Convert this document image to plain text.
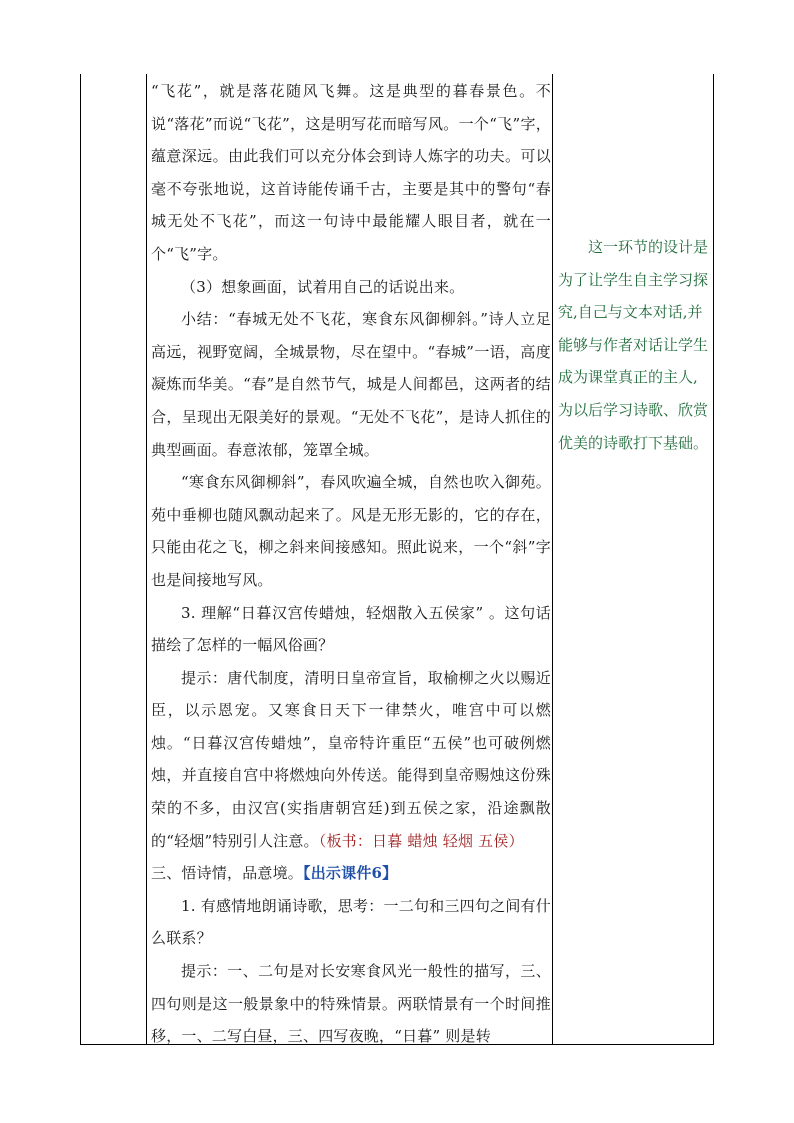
“飞花”，就是落花随风飞舞。这是典型的暮春景色。不说“落花”而说“飞花”，这是明写花而暗写风。一个“飞”字，蕴意深远。由此我们可以充分体会到诗人炼字的功夫。可以毫不夸张地说，这首诗能传诵千古，主要是其中的警句“春城无处不飞花”，而这一句诗中最能耀人眼目者，就在一个“飞”字。

（3）想象画面，试着用自己的话说出来。

小结：“春城无处不飞花，寒食东风御柳斜。”诗人立足高远，视野宽阔，全城景物，尽在望中。“春城”一语，高度凝炼而华美。“春”是自然节气，城是人间都邑，这两者的结合，呈现出无限美好的景观。“无处不飞花”，是诗人抓住的典型画面。春意浓郁，笼罩全城。

“寒食东风御柳斜”，春风吹遍全城，自然也吹入御苑。苑中垂柳也随风飘动起来了。风是无形无影的，它的存在，只能由花之飞，柳之斜来间接感知。照此说来，一个“斜”字也是间接地写风。

3. 理解“日暮汉宫传蜡烛，轻烟散入五侯家” 。这句话描绘了怎样的一幅风俗画？

提示：唐代制度，清明日皇帝宣旨，取榆柳之火以赐近臣，以示恩宠。又寒食日天下一律禁火，唯宫中可以燃烛。“日暮汉宫传蜡烛”，皇帝特许重臣“五侯”也可破例燃烛，并直接自宫中将燃烛向外传送。能得到皇帝赐烛这份殊荣的不多，由汉宫(实指唐朝宫廷)到五侯之家，沿途飘散的“轻烟”特别引人注意。（板书：日暮 蜡烛 轻烟 五侯）

三、悟诗情，品意境。【出示课件6】

1. 有感情地朗诵诗歌，思考：一二句和三四句之间有什么联系？

提示：一、二句是对长安寒食风光一般性的描写，三、四句则是这一般景象中的特殊情景。两联情景有一个时间推移，一、二写白昼，三、四写夜晚，“日暮” 则是转

这一环节的设计是为了让学生自主学习探究,自己与文本对话,并能够与作者对话让学生成为课堂真正的主人,为以后学习诗歌、欣赏优美的诗歌打下基础。
